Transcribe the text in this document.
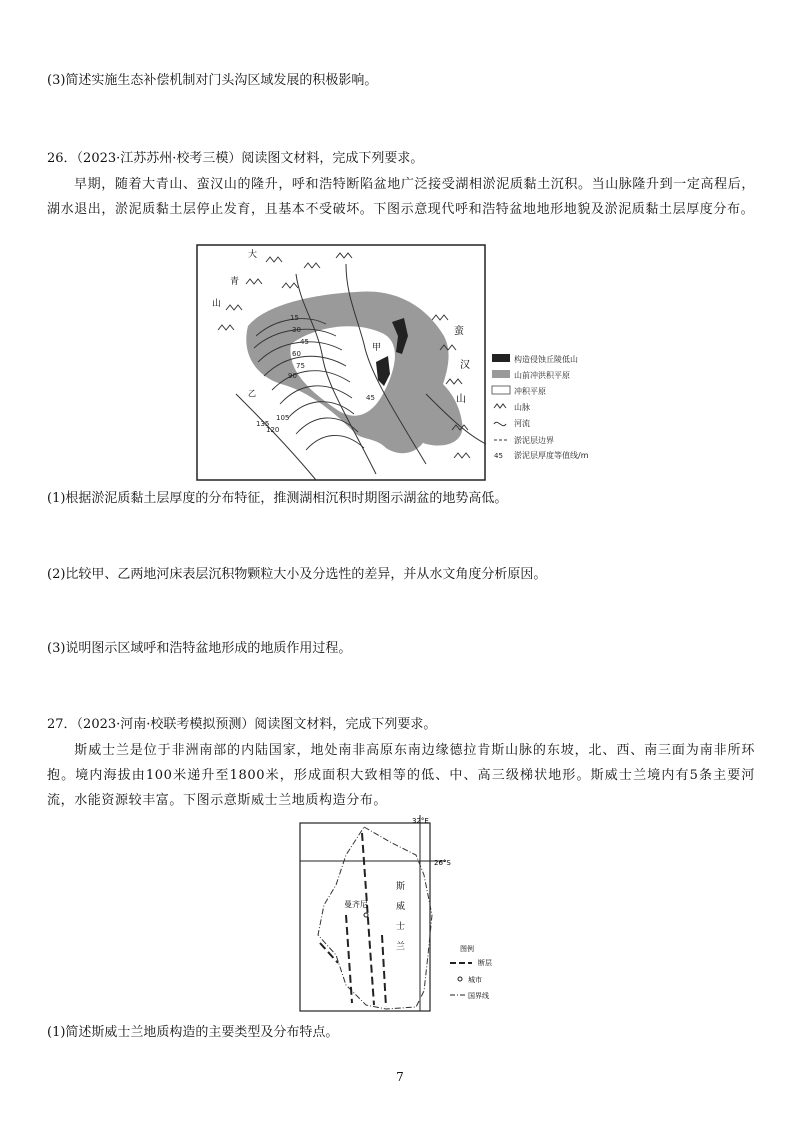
(3)简述实施生态补偿机制对门头沟区域发展的积极影响。
26．（2023·江苏苏州·校考三模）阅读图文材料，完成下列要求。
早期，随着大青山、蛮汉山的隆升，呼和浩特断陷盆地广泛接受湖相淤泥质黏土沉积。当山脉隆升到一定高程后，湖水退出，淤泥质黏土层停止发育，且基本不受破坏。下图示意现代呼和浩特盆地地形地貌及淤泥质黏土层厚度分布。
大
青
山
蛮
汉
山
甲
乙
15
30
45
60
75
90
105
120
135
45
构造侵蚀丘陵低山
山前冲洪积平原
冲积平原
山脉
河流
淤泥层边界
45 淤泥层厚度等值线/m
(1)根据淤泥质黏土层厚度的分布特征，推测湖相沉积时期图示湖盆的地势高低。
(2)比较甲、乙两地河床表层沉积物颗粒大小及分选性的差异，并从水文角度分析原因。
(3)说明图示区域呼和浩特盆地形成的地质作用过程。
27．（2023·河南·校联考模拟预测）阅读图文材料，完成下列要求。
斯威士兰是位于非洲南部的内陆国家，地处南非高原东南边缘德拉肯斯山脉的东坡，北、西、南三面为南非所环抱。境内海拔由100米递升至1800米，形成面积大致相等的低、中、高三级梯状地形。斯威士兰境内有5条主要河流，水能资源较丰富。下图示意斯威士兰地质构造分布。
32°E
26°S
曼齐尼
斯
威
士
兰	图例
断层
城市
国界线
(1)简述斯威士兰地质构造的主要类型及分布特点。
7
